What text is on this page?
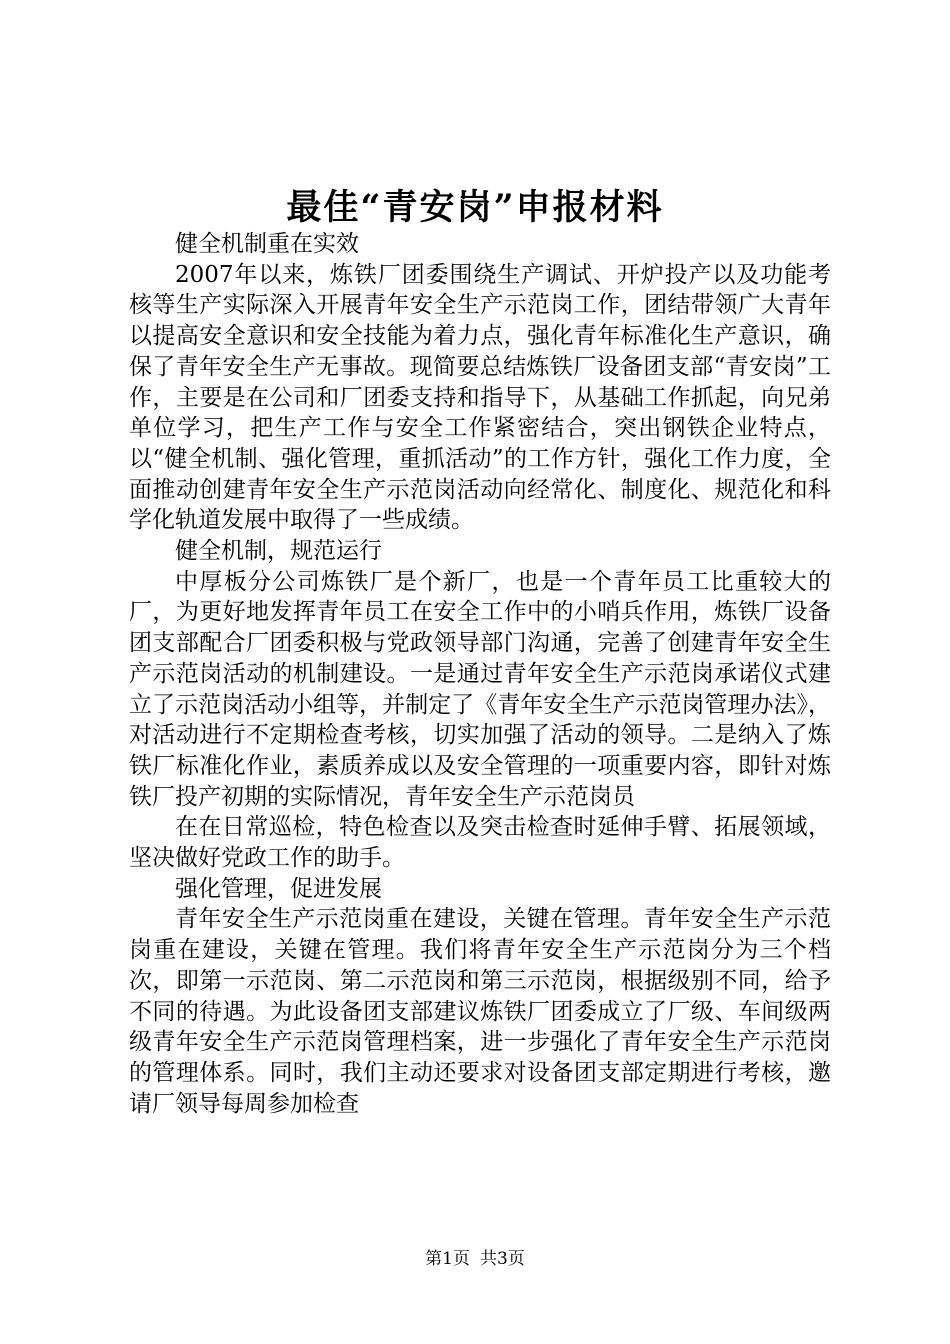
最佳“青安岗”申报材料

健全机制重在实效

2007年以来，炼铁厂团委围绕生产调试、开炉投产以及功能考核等生产实际深入开展青年安全生产示范岗工作，团结带领广大青年以提高安全意识和安全技能为着力点，强化青年标准化生产意识，确保了青年安全生产无事故。现简要总结炼铁厂设备团支部“青安岗”工作，主要是在公司和厂团委支持和指导下，从基础工作抓起，向兄弟单位学习，把生产工作与安全工作紧密结合，突出钢铁企业特点，以“健全机制、强化管理，重抓活动”的工作方针，强化工作力度，全面推动创建青年安全生产示范岗活动向经常化、制度化、规范化和科学化轨道发展中取得了一些成绩。

健全机制，规范运行

中厚板分公司炼铁厂是个新厂，也是一个青年员工比重较大的厂，为更好地发挥青年员工在安全工作中的小哨兵作用，炼铁厂设备团支部配合厂团委积极与党政领导部门沟通，完善了创建青年安全生产示范岗活动的机制建设。一是通过青年安全生产示范岗承诺仪式建立了示范岗活动小组等，并制定了《青年安全生产示范岗管理办法》，对活动进行不定期检查考核，切实加强了活动的领导。二是纳入了炼铁厂标准化作业，素质养成以及安全管理的一项重要内容，即针对炼铁厂投产初期的实际情况，青年安全生产示范岗员

在在日常巡检，特色检查以及突击检查时延伸手臂、拓展领域，坚决做好党政工作的助手。

强化管理，促进发展

青年安全生产示范岗重在建设，关键在管理。青年安全生产示范岗重在建设，关键在管理。我们将青年安全生产示范岗分为三个档次，即第一示范岗、第二示范岗和第三示范岗，根据级别不同，给予不同的待遇。为此设备团支部建议炼铁厂团委成立了厂级、车间级两级青年安全生产示范岗管理档案，进一步强化了青年安全生产示范岗的管理体系。同时，我们主动还要求对设备团支部定期进行考核，邀请厂领导每周参加检查

第1页 共3页
